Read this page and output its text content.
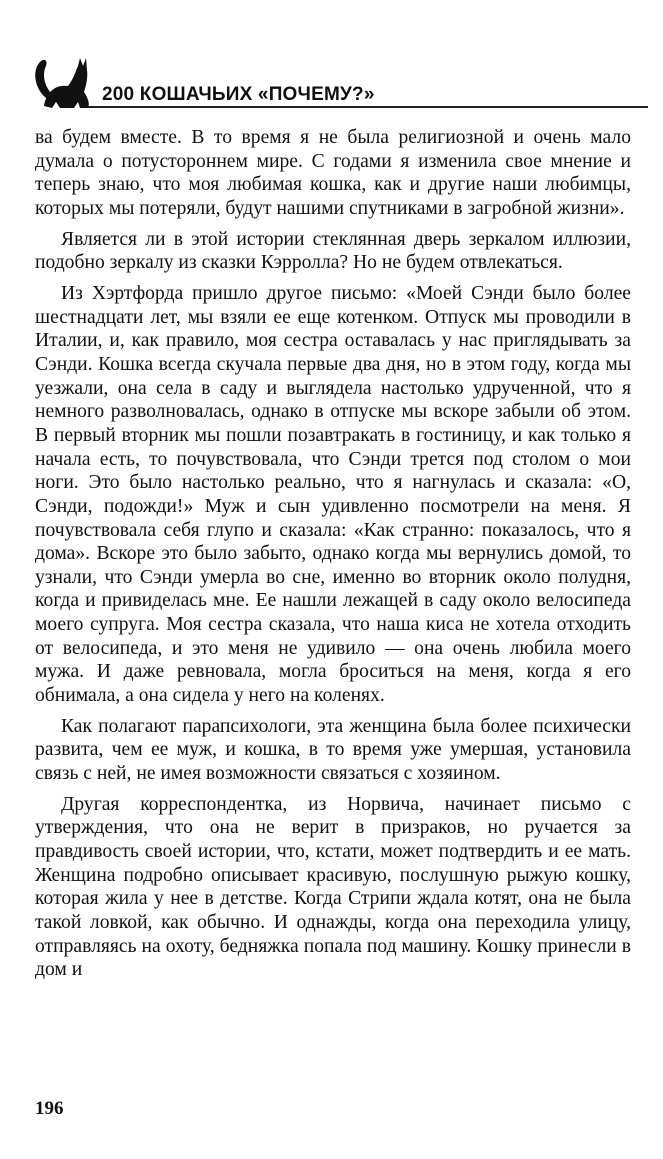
200 КОШАЧЬИХ «ПОЧЕМУ?»

ва будем вместе. В то время я не была религиозной и очень мало думала о потустороннем мире. С годами я изменила свое мнение и теперь знаю, что моя любимая кошка, как и другие наши любимцы, которых мы потеряли, будут нашими спутниками в загробной жизни».

Является ли в этой истории стеклянная дверь зеркалом иллюзии, подобно зеркалу из сказки Кэрролла? Но не будем отвлекаться.

Из Хэртфорда пришло другое письмо: «Моей Сэнди было более шестнадцати лет, мы взяли ее еще котенком. Отпуск мы проводили в Италии, и, как правило, моя сестра оставалась у нас приглядывать за Сэнди. Кошка всегда скучала первые два дня, но в этом году, когда мы уезжали, она села в саду и выглядела настолько удрученной, что я немного разволновалась, однако в отпуске мы вскоре забыли об этом. В первый вторник мы пошли позавтракать в гостиницу, и как только я начала есть, то почувствовала, что Сэнди трется под столом о мои ноги. Это было настолько реально, что я нагнулась и сказала: «О, Сэнди, подожди!» Муж и сын удивленно посмотрели на меня. Я почувствовала себя глупо и сказала: «Как странно: показалось, что я дома». Вскоре это было забыто, однако когда мы вернулись домой, то узнали, что Сэнди умерла во сне, именно во вторник около полудня, когда и привиделась мне. Ее нашли лежащей в саду около велосипеда моего супруга. Моя сестра сказала, что наша киса не хотела отходить от велосипеда, и это меня не удивило — она очень любила моего мужа. И даже ревновала, могла броситься на меня, когда я его обнимала, а она сидела у него на коленях.

Как полагают парапсихологи, эта женщина была более психически развита, чем ее муж, и кошка, в то время уже умершая, установила связь с ней, не имея возможности связаться с хозяином.

Другая корреспондентка, из Норвича, начинает письмо с утверждения, что она не верит в призраков, но ручается за правдивость своей истории, что, кстати, может подтвердить и ее мать. Женщина подробно описывает красивую, послушную рыжую кошку, которая жила у нее в детстве. Когда Стрипи ждала котят, она не была такой ловкой, как обычно. И однажды, когда она переходила улицу, отправляясь на охоту, бедняжка попала под машину. Кошку принесли в дом и

196
